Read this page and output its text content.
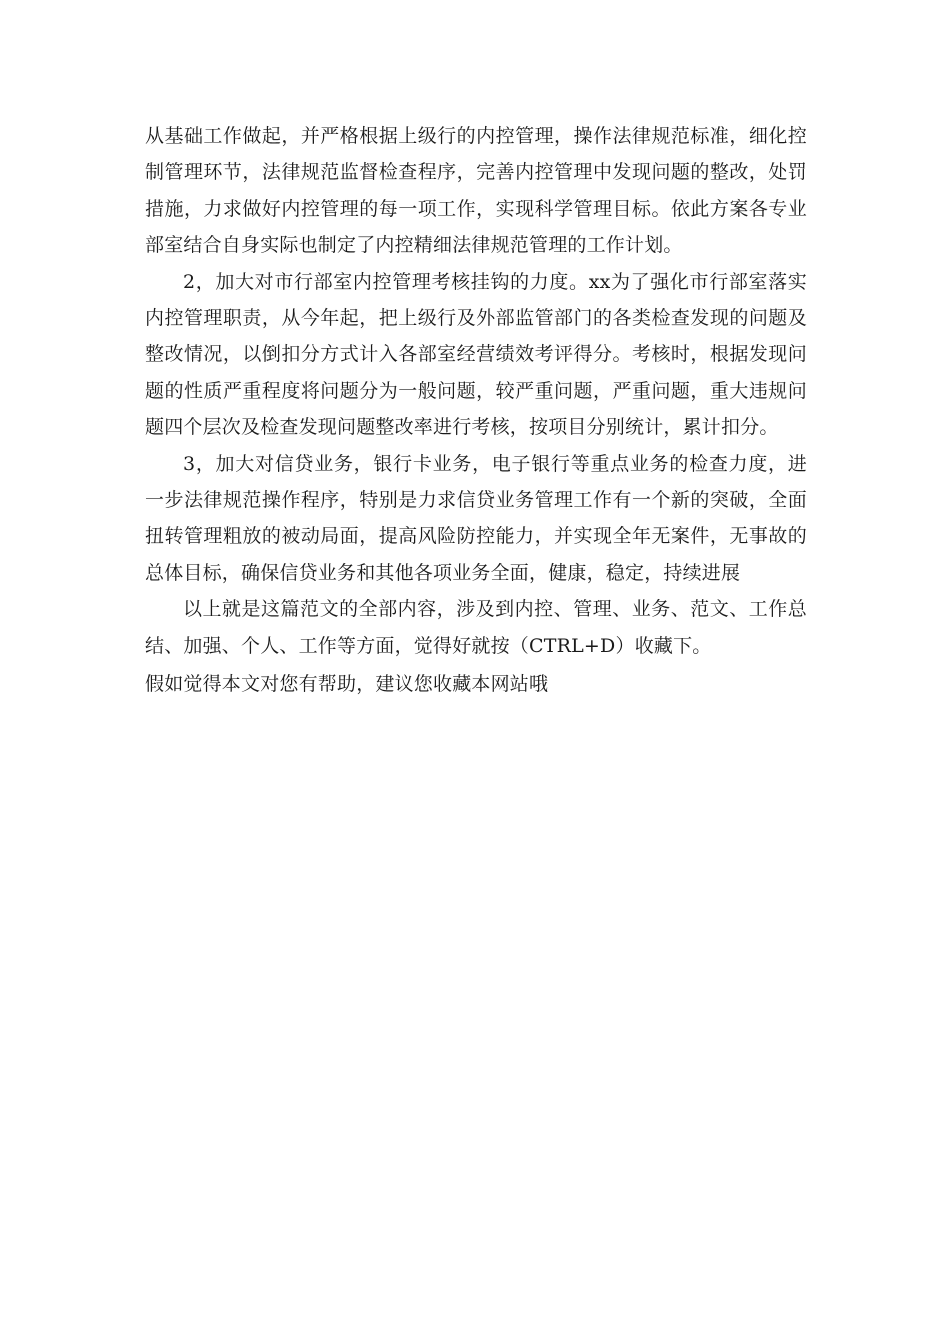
从基础工作做起，并严格根据上级行的内控管理，操作法律规范标准，细化控制管理环节，法律规范监督检查程序，完善内控管理中发现问题的整改，处罚措施，力求做好内控管理的每一项工作，实现科学管理目标。依此方案各专业部室结合自身实际也制定了内控精细法律规范管理的工作计划。

2，加大对市行部室内控管理考核挂钩的力度。xx为了强化市行部室落实内控管理职责，从今年起，把上级行及外部监管部门的各类检查发现的问题及整改情况，以倒扣分方式计入各部室经营绩效考评得分。考核时，根据发现问题的性质严重程度将问题分为一般问题，较严重问题，严重问题，重大违规问题四个层次及检查发现问题整改率进行考核，按项目分别统计，累计扣分。

3，加大对信贷业务，银行卡业务，电子银行等重点业务的检查力度，进一步法律规范操作程序，特别是力求信贷业务管理工作有一个新的突破，全面扭转管理粗放的被动局面，提高风险防控能力，并实现全年无案件，无事故的总体目标，确保信贷业务和其他各项业务全面，健康，稳定，持续进展

以上就是这篇范文的全部内容，涉及到内控、管理、业务、范文、工作总结、加强、个人、工作等方面，觉得好就按（CTRL+D）收藏下。

假如觉得本文对您有帮助，建议您收藏本网站哦
